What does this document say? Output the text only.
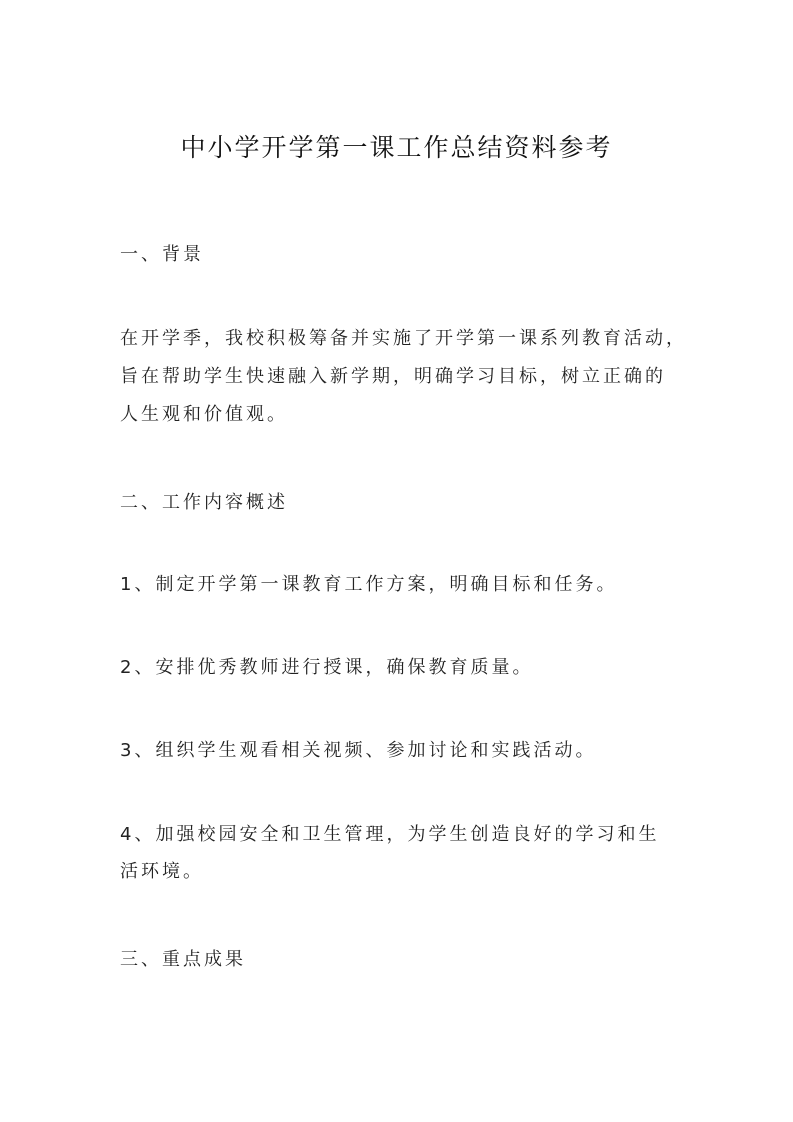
中小学开学第一课工作总结资料参考
一、背景
在开学季，我校积极筹备并实施了开学第一课系列教育活动，
旨在帮助学生快速融入新学期，明确学习目标，树立正确的
人生观和价值观。
二、工作内容概述
1、制定开学第一课教育工作方案，明确目标和任务。
2、安排优秀教师进行授课，确保教育质量。
3、组织学生观看相关视频、参加讨论和实践活动。
4、加强校园安全和卫生管理，为学生创造良好的学习和生
活环境。
三、重点成果
